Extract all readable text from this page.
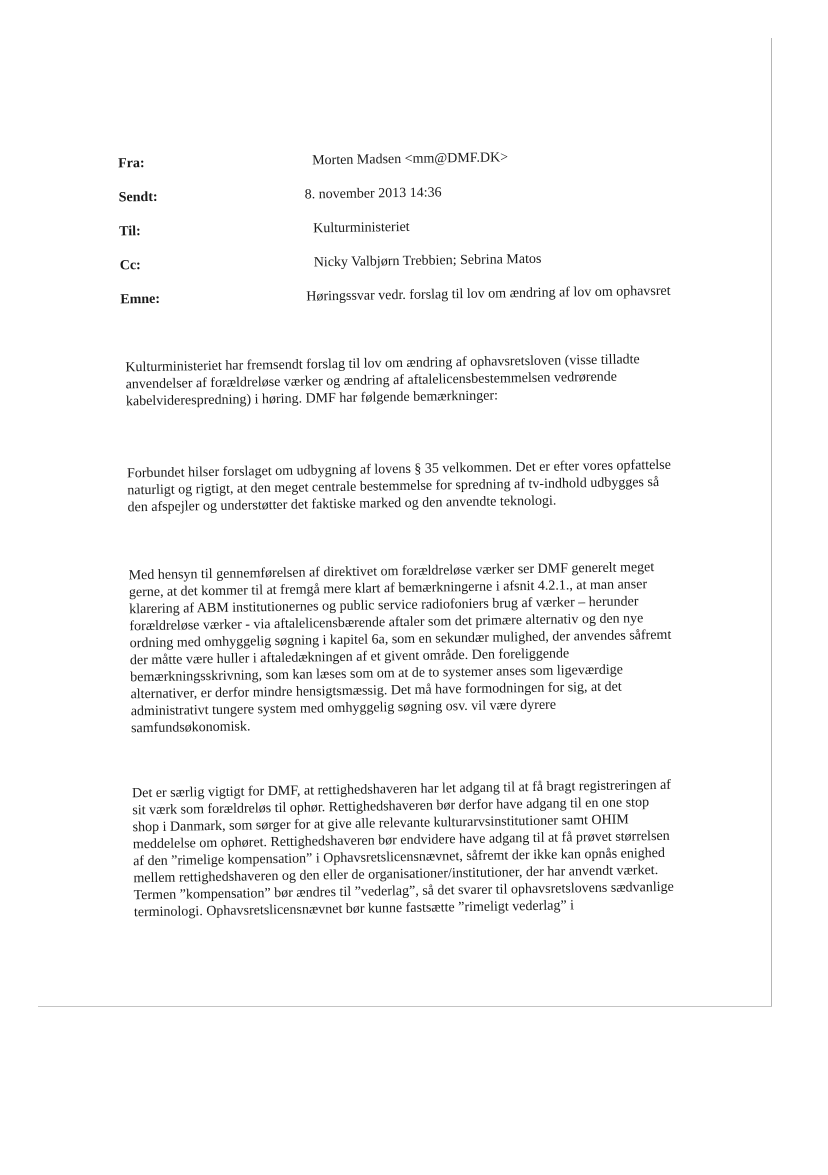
Fra:	Morten Madsen <mm@DMF.DK>
Sendt:	8. november 2013 14:36
Til:	Kulturministeriet
Cc:	Nicky Valbjørn Trebbien; Sebrina Matos
Emne:	Høringssvar vedr. forslag til lov om ændring af lov om ophavsret

Kulturministeriet har fremsendt forslag til lov om ændring af ophavsretsloven (visse tilladte
anvendelser af forældreløse værker og ændring af aftalelicensbestemmelsen vedrørende
kabelviderespredning) i høring. DMF har følgende bemærkninger:

Forbundet hilser forslaget om udbygning af lovens § 35 velkommen. Det er efter vores opfattelse
naturligt og rigtigt, at den meget centrale bestemmelse for spredning af tv-indhold udbygges så
den afspejler og understøtter det faktiske marked og den anvendte teknologi.

Med hensyn til gennemførelsen af direktivet om forældreløse værker ser DMF generelt meget
gerne, at det kommer til at fremgå mere klart af bemærkningerne i afsnit 4.2.1., at man anser
klarering af ABM institutionernes og public service radiofoniers brug af værker – herunder
forældreløse værker - via aftalelicensbærende aftaler som det primære alternativ og den nye
ordning med omhyggelig søgning i kapitel 6a, som en sekundær mulighed, der anvendes såfremt
der måtte være huller i aftaledækningen af et givent område. Den foreliggende
bemærkningsskrivning, som kan læses som om at de to systemer anses som ligeværdige
alternativer, er derfor mindre hensigtsmæssig. Det må have formodningen for sig, at det
administrativt tungere system med omhyggelig søgning osv. vil være dyrere
samfundsøkonomisk.

Det er særlig vigtigt for DMF, at rettighedshaveren har let adgang til at få bragt registreringen af
sit værk som forældreløs til ophør. Rettighedshaveren bør derfor have adgang til en one stop
shop i Danmark, som sørger for at give alle relevante kulturarvsinstitutioner samt OHIM
meddelelse om ophøret. Rettighedshaveren bør endvidere have adgang til at få prøvet størrelsen
af den ”rimelige kompensation” i Ophavsretslicensnævnet, såfremt der ikke kan opnås enighed
mellem rettighedshaveren og den eller de organisationer/institutioner, der har anvendt værket.
Termen ”kompensation” bør ændres til ”vederlag”, så det svarer til ophavsretslovens sædvanlige
terminologi. Ophavsretslicensnævnet bør kunne fastsætte ”rimeligt vederlag” i
